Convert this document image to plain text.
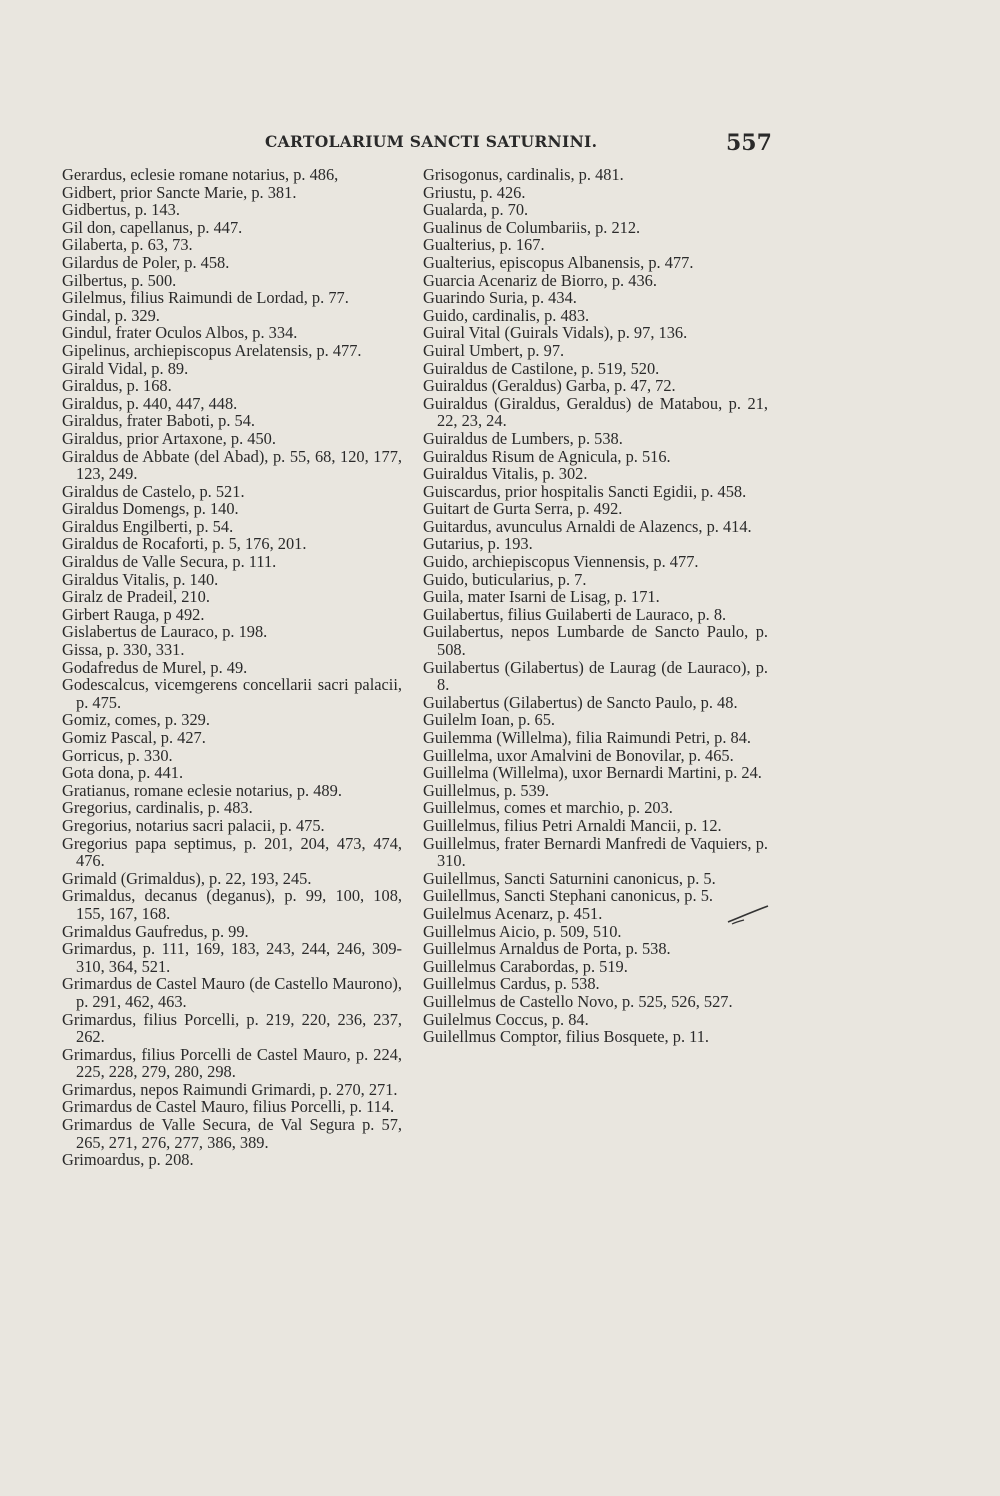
CARTOLARIUM SANCTI SATURNINI.	557

Gerardus, eclesie romane notarius, p. 486,

Gidbert, prior Sancte Marie, p. 381.

Gidbertus, p. 143.

Gil don, capellanus, p. 447.

Gilaberta, p. 63, 73.

Gilardus de Poler, p. 458.

Gilbertus, p. 500.

Gilelmus, filius Raimundi de Lordad, p. 77.

Gindal, p. 329.

Gindul, frater Oculos Albos, p. 334.

Gipelinus, archiepiscopus Arelatensis, p. 477.

Girald Vidal, p. 89.

Giraldus, p. 168.

Giraldus, p. 440, 447, 448.

Giraldus, frater Baboti, p. 54.

Giraldus, prior Artaxone, p. 450.

Giraldus de Abbate (del Abad), p. 55, 68, 120, 177, 123, 249.

Giraldus de Castelo, p. 521.

Giraldus Domengs, p. 140.

Giraldus Engilberti, p. 54.

Giraldus de Rocaforti, p. 5, 176, 201.

Giraldus de Valle Secura, p. 111.

Giraldus Vitalis, p. 140.

Giralz de Pradeil, 210.

Girbert Rauga, p 492.

Gislabertus de Lauraco, p. 198.

Gissa, p. 330, 331.

Godafredus de Murel, p. 49.

Godescalcus, vicemgerens concellarii sacri palacii, p. 475.

Gomiz, comes, p. 329.

Gomiz Pascal, p. 427.

Gorricus, p. 330.

Gota dona, p. 441.

Gratianus, romane eclesie notarius, p. 489.

Gregorius, cardinalis, p. 483.

Gregorius, notarius sacri palacii, p. 475.

Gregorius papa septimus, p. 201, 204, 473, 474, 476.

Grimald (Grimaldus), p. 22, 193, 245.

Grimaldus, decanus (deganus), p. 99, 100, 108, 155, 167, 168.

Grimaldus Gaufredus, p. 99.

Grimardus, p. 111, 169, 183, 243, 244, 246, 309-310, 364, 521.

Grimardus de Castel Mauro (de Castello Maurono), p. 291, 462, 463.

Grimardus, filius Porcelli, p. 219, 220, 236, 237, 262.

Grimardus, filius Porcelli de Castel Mauro, p. 224, 225, 228, 279, 280, 298.

Grimardus, nepos Raimundi Grimardi, p. 270, 271.

Grimardus de Castel Mauro, filius Porcelli, p. 114.

Grimardus de Valle Secura, de Val Segura p. 57, 265, 271, 276, 277, 386, 389.

Grimoardus, p. 208.

Grisogonus, cardinalis, p. 481.

Griustu, p. 426.

Gualarda, p. 70.

Gualinus de Columbariis, p. 212.

Gualterius, p. 167.

Gualterius, episcopus Albanensis, p. 477.

Guarcia Acenariz de Biorro, p. 436.

Guarindo Suria, p. 434.

Guido, cardinalis, p. 483.

Guiral Vital (Guirals Vidals), p. 97, 136.

Guiral Umbert, p. 97.

Guiraldus de Castilone, p. 519, 520.

Guiraldus (Geraldus) Garba, p. 47, 72.

Guiraldus (Giraldus, Geraldus) de Matabou, p. 21, 22, 23, 24.

Guiraldus de Lumbers, p. 538.

Guiraldus Risum de Agnicula, p. 516.

Guiraldus Vitalis, p. 302.

Guiscardus, prior hospitalis Sancti Egidii, p. 458.

Guitart de Gurta Serra, p. 492.

Guitardus, avunculus Arnaldi de Alazencs, p. 414.

Gutarius, p. 193.

Guido, archiepiscopus Viennensis, p. 477.

Guido, buticularius, p. 7.

Guila, mater Isarni de Lisag, p. 171.

Guilabertus, filius Guilaberti de Lauraco, p. 8.

Guilabertus, nepos Lumbarde de Sancto Paulo, p. 508.

Guilabertus (Gilabertus) de Laurag (de Lauraco), p. 8.

Guilabertus (Gilabertus) de Sancto Paulo, p. 48.

Guilelm Ioan, p. 65.

Guilemma (Willelma), filia Raimundi Petri, p. 84.

Guillelma, uxor Amalvini de Bonovilar, p. 465.

Guillelma (Willelma), uxor Bernardi Martini, p. 24.

Guillelmus, p. 539.

Guillelmus, comes et marchio, p. 203.

Guillelmus, filius Petri Arnaldi Mancii, p. 12.

Guillelmus, frater Bernardi Manfredi de Vaquiers, p. 310.

Guilellmus, Sancti Saturnini canonicus, p. 5.

Guilellmus, Sancti Stephani canonicus, p. 5.

Guilelmus Acenarz, p. 451.

Guillelmus Aicio, p. 509, 510.

Guillelmus Arnaldus de Porta, p. 538.

Guillelmus Carabordas, p. 519.

Guillelmus Cardus, p. 538.

Guillelmus de Castello Novo, p. 525, 526, 527.

Guilelmus Coccus, p. 84.

Guilellmus Comptor, filius Bosquete, p. 11.
